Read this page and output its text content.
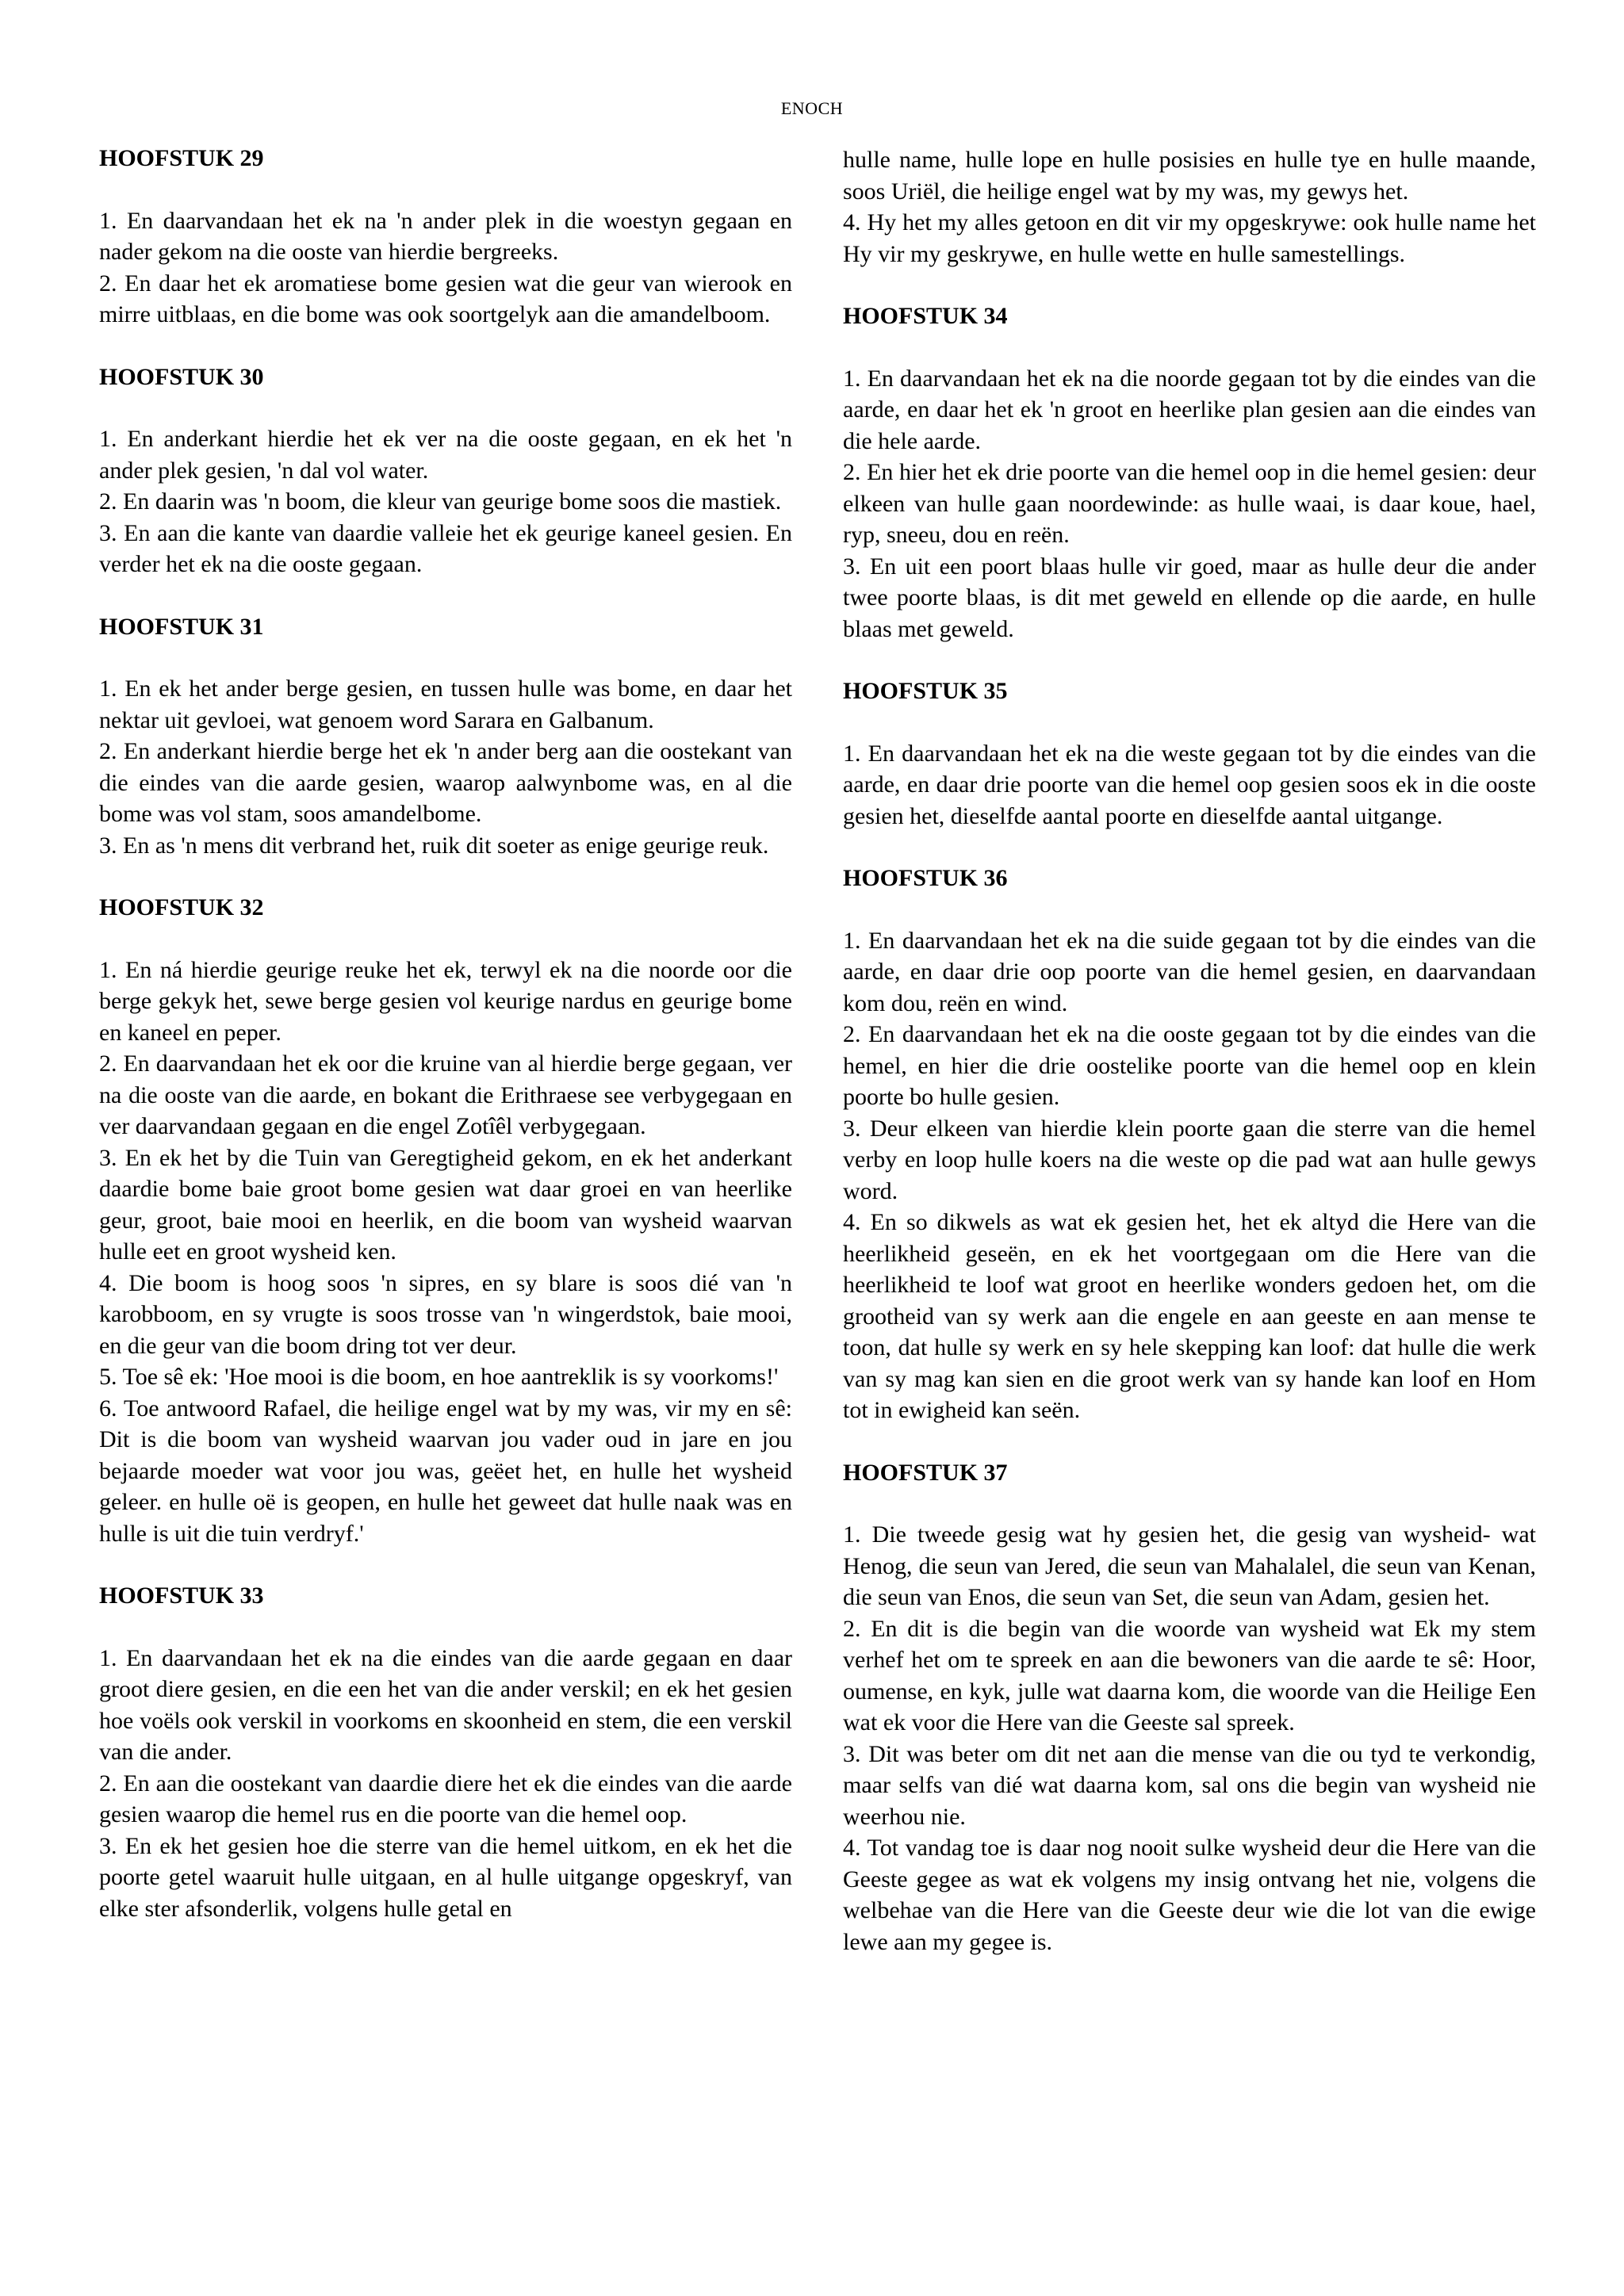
ENOCH
HOOFSTUK 29

1. En daarvandaan het ek na 'n ander plek in die woestyn gegaan en nader gekom na die ooste van hierdie bergreeks.

2. En daar het ek aromatiese bome gesien wat die geur van wierook en mirre uitblaas, en die bome was ook soortgelyk aan die amandelboom.

HOOFSTUK 30

1. En anderkant hierdie het ek ver na die ooste gegaan, en ek het 'n ander plek gesien, 'n dal vol water.

2. En daarin was 'n boom, die kleur van geurige bome soos die mastiek.

3. En aan die kante van daardie valleie het ek geurige kaneel gesien. En verder het ek na die ooste gegaan.

HOOFSTUK 31

1. En ek het ander berge gesien, en tussen hulle was bome, en daar het nektar uit gevloei, wat genoem word Sarara en Galbanum.

2. En anderkant hierdie berge het ek 'n ander berg aan die oostekant van die eindes van die aarde gesien, waarop aalwynbome was, en al die bome was vol stam, soos amandelbome.

3. En as 'n mens dit verbrand het, ruik dit soeter as enige geurige reuk.

HOOFSTUK 32

1. En ná hierdie geurige reuke het ek, terwyl ek na die noorde oor die berge gekyk het, sewe berge gesien vol keurige nardus en geurige bome en kaneel en peper.

2. En daarvandaan het ek oor die kruine van al hierdie berge gegaan, ver na die ooste van die aarde, en bokant die Erithraese see verbygegaan en ver daarvandaan gegaan en die engel Zotîêl verbygegaan.

3. En ek het by die Tuin van Geregtigheid gekom, en ek het anderkant daardie bome baie groot bome gesien wat daar groei en van heerlike geur, groot, baie mooi en heerlik, en die boom van wysheid waarvan hulle eet en groot wysheid ken.

4. Die boom is hoog soos 'n sipres, en sy blare is soos dié van 'n karobboom, en sy vrugte is soos trosse van 'n wingerdstok, baie mooi, en die geur van die boom dring tot ver deur.

5. Toe sê ek: 'Hoe mooi is die boom, en hoe aantreklik is sy voorkoms!'

6. Toe antwoord Rafael, die heilige engel wat by my was, vir my en sê: Dit is die boom van wysheid waarvan jou vader oud in jare en jou bejaarde moeder wat voor jou was, geëet het, en hulle het wysheid geleer. en hulle oë is geopen, en hulle het geweet dat hulle naak was en hulle is uit die tuin verdryf.'

HOOFSTUK 33

1. En daarvandaan het ek na die eindes van die aarde gegaan en daar groot diere gesien, en die een het van die ander verskil; en ek het gesien hoe voëls ook verskil in voorkoms en skoonheid en stem, die een verskil van die ander.

2. En aan die oostekant van daardie diere het ek die eindes van die aarde gesien waarop die hemel rus en die poorte van die hemel oop.

3. En ek het gesien hoe die sterre van die hemel uitkom, en ek het die poorte getel waaruit hulle uitgaan, en al hulle uitgange opgeskryf, van elke ster afsonderlik, volgens hulle getal en

hulle name, hulle lope en hulle posisies en hulle tye en hulle maande, soos Uriël, die heilige engel wat by my was, my gewys het.

4. Hy het my alles getoon en dit vir my opgeskrywe: ook hulle name het Hy vir my geskrywe, en hulle wette en hulle samestellings.

HOOFSTUK 34

1. En daarvandaan het ek na die noorde gegaan tot by die eindes van die aarde, en daar het ek 'n groot en heerlike plan gesien aan die eindes van die hele aarde.

2. En hier het ek drie poorte van die hemel oop in die hemel gesien: deur elkeen van hulle gaan noordewinde: as hulle waai, is daar koue, hael, ryp, sneeu, dou en reën.

3. En uit een poort blaas hulle vir goed, maar as hulle deur die ander twee poorte blaas, is dit met geweld en ellende op die aarde, en hulle blaas met geweld.

HOOFSTUK 35

1. En daarvandaan het ek na die weste gegaan tot by die eindes van die aarde, en daar drie poorte van die hemel oop gesien soos ek in die ooste gesien het, dieselfde aantal poorte en dieselfde aantal uitgange.

HOOFSTUK 36

1. En daarvandaan het ek na die suide gegaan tot by die eindes van die aarde, en daar drie oop poorte van die hemel gesien, en daarvandaan kom dou, reën en wind.

2. En daarvandaan het ek na die ooste gegaan tot by die eindes van die hemel, en hier die drie oostelike poorte van die hemel oop en klein poorte bo hulle gesien.

3. Deur elkeen van hierdie klein poorte gaan die sterre van die hemel verby en loop hulle koers na die weste op die pad wat aan hulle gewys word.

4. En so dikwels as wat ek gesien het, het ek altyd die Here van die heerlikheid geseën, en ek het voortgegaan om die Here van die heerlikheid te loof wat groot en heerlike wonders gedoen het, om die grootheid van sy werk aan die engele en aan geeste en aan mense te toon, dat hulle sy werk en sy hele skepping kan loof: dat hulle die werk van sy mag kan sien en die groot werk van sy hande kan loof en Hom tot in ewigheid kan seën.

HOOFSTUK 37

1. Die tweede gesig wat hy gesien het, die gesig van wysheid- wat Henog, die seun van Jered, die seun van Mahalalel, die seun van Kenan, die seun van Enos, die seun van Set, die seun van Adam, gesien het.

2. En dit is die begin van die woorde van wysheid wat Ek my stem verhef het om te spreek en aan die bewoners van die aarde te sê: Hoor, oumense, en kyk, julle wat daarna kom, die woorde van die Heilige Een wat ek voor die Here van die Geeste sal spreek.

3. Dit was beter om dit net aan die mense van die ou tyd te verkondig, maar selfs van dié wat daarna kom, sal ons die begin van wysheid nie weerhou nie.

4. Tot vandag toe is daar nog nooit sulke wysheid deur die Here van die Geeste gegee as wat ek volgens my insig ontvang het nie, volgens die welbehae van die Here van die Geeste deur wie die lot van die ewige lewe aan my gegee is.
